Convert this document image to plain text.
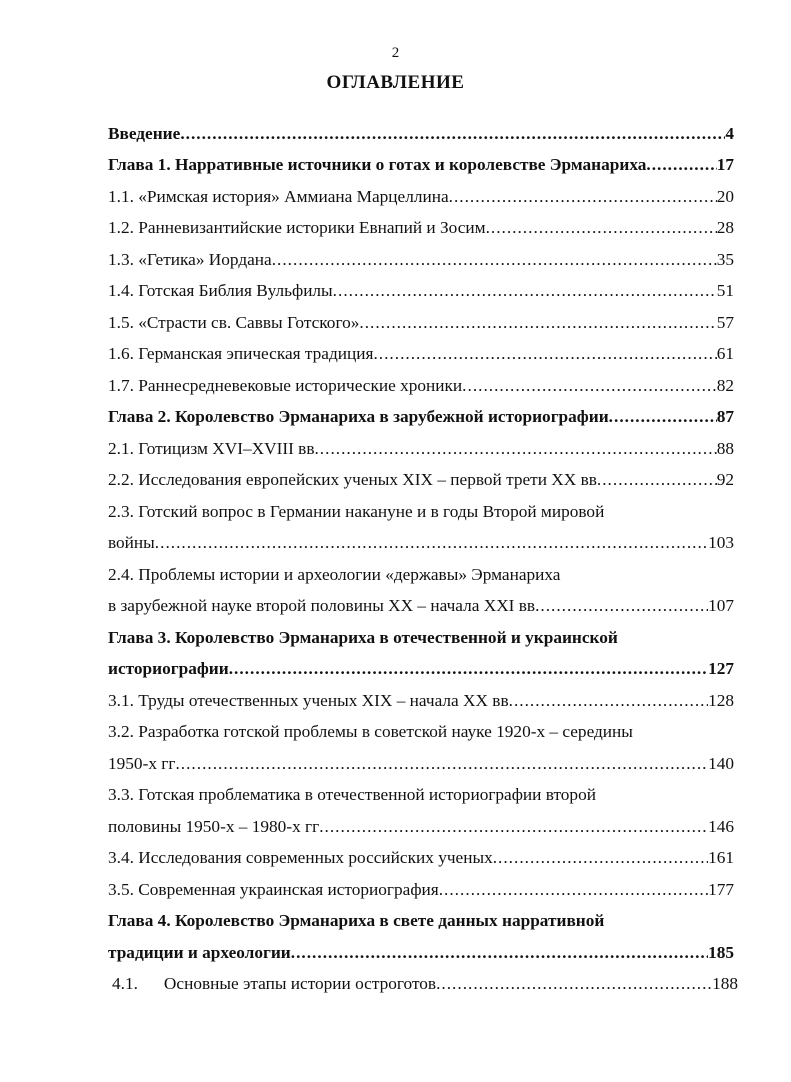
2
ОГЛАВЛЕНИЕ
Введение .....	4
Глава 1. Нарративные источники о готах и королевстве Эрманариха .....	17
1.1. «Римская история» Аммиана Марцеллина .....	20
1.2. Ранневизантийские историки Евнапий и Зосим .....	28
1.3. «Гетика» Иордана .....	35
1.4. Готская Библия Вульфилы .....	51
1.5. «Страсти св. Саввы Готского» .....	57
1.6. Германская эпическая традиция .....	61
1.7. Раннесредневековые исторические хроники .....	82
Глава 2. Королевство Эрманариха в зарубежной историографии .....	87
2.1. Готицизм XVI–XVIII вв .....	88
2.2. Исследования европейских ученых XIX – первой трети XX вв .....	92
2.3. Готский вопрос в Германии накануне и в годы Второй мировой
войны .....	103
2.4. Проблемы истории и археологии «державы» Эрманариха
в зарубежной науке второй половины XX – начала XXI вв .....	107
Глава 3. Королевство Эрманариха в отечественной и украинской
историографии .....	127
3.1. Труды отечественных ученых XIX – начала XX вв .....	128
3.2. Разработка готской проблемы в советской науке 1920-х – середины
1950-х гг .....	140
3.3. Готская проблематика в отечественной историографии второй
половины 1950-х – 1980-х гг .....	146
3.4. Исследования современных российских ученых .....	161
3.5. Современная украинская историография .....	177
Глава 4. Королевство Эрманариха в свете данных нарративной
традиции и археологии .....	185
4.1. Основные этапы истории остроготов .....	188
